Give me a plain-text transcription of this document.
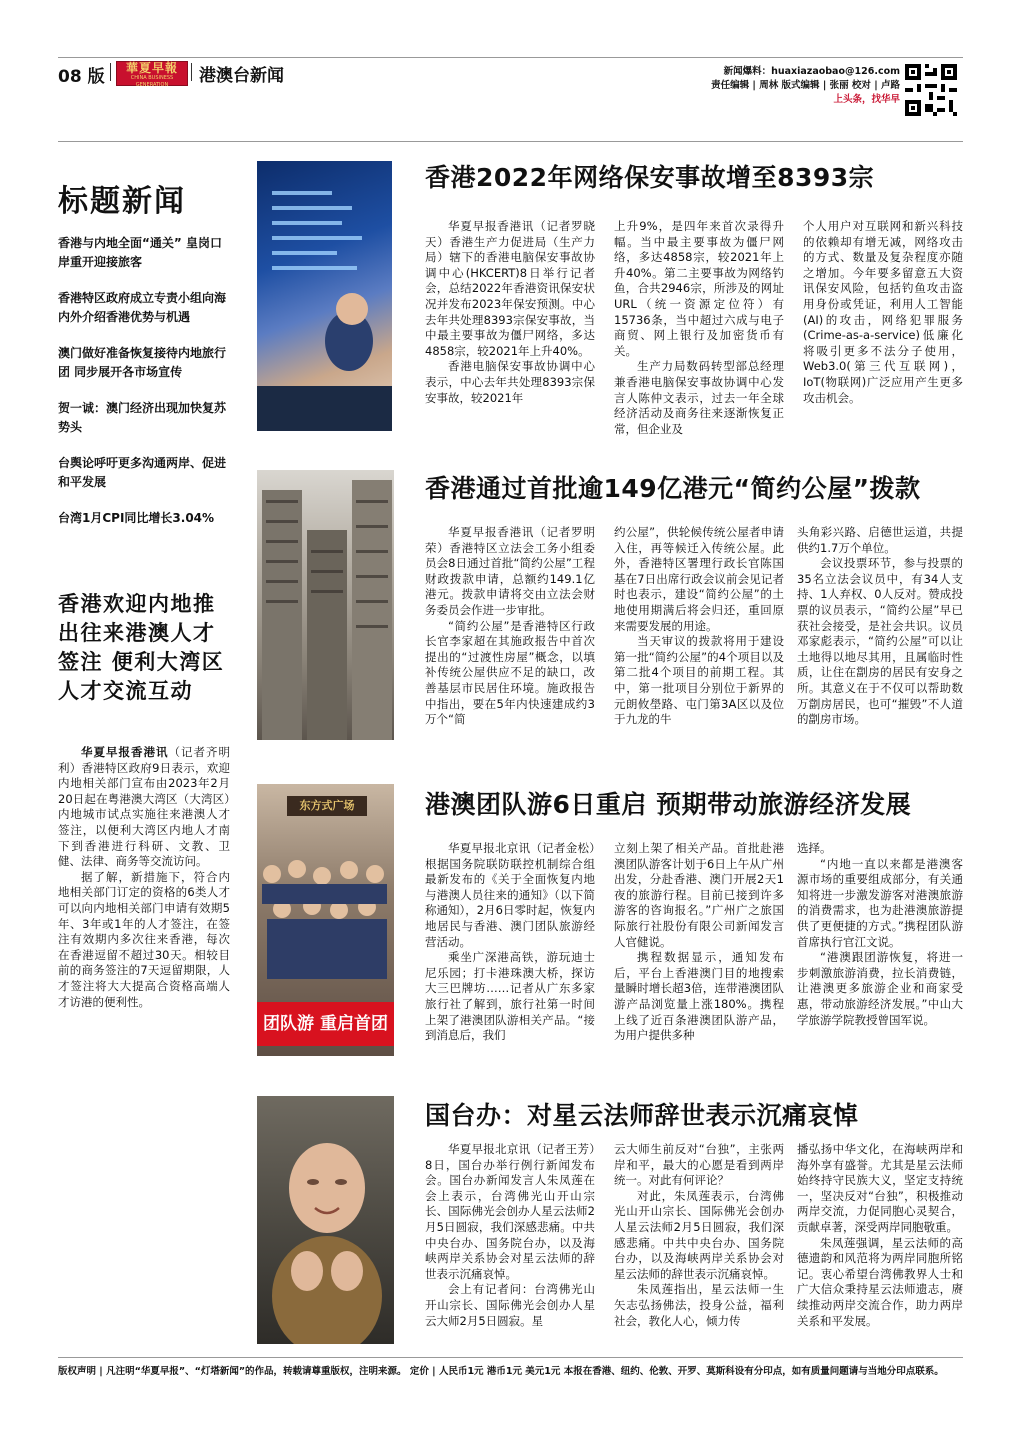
08 版	華夏早報
CHINA BUSINESS GENERATION	港澳台新闻	新闻爆料：huaxiazaobao@126.com
责任编辑 | 周林 版式编辑 | 张丽 校对 | 卢路
上头条，找华早
标题新闻

香港与内地全面“通关” 皇岗口岸重开迎接旅客

香港特区政府成立专责小组向海内外介绍香港优势与机遇

澳门做好准备恢复接待内地旅行团 同步展开各市场宣传

贺一诚：澳门经济出现加快复苏势头

台舆论呼吁更多沟通两岸、促进和平发展

台湾1月CPI同比增长3.04%

香港欢迎内地推出往来港澳人才签注 便利大湾区人才交流互动

华夏早报香港讯（记者齐明利）香港特区政府9日表示，欢迎内地相关部门宣布由2023年2月20日起在粤港澳大湾区（大湾区）内地城市试点实施往来港澳人才签注，以便利大湾区内地人才南下到香港进行科研、文教、卫健、法律、商务等交流访问。

据了解，新措施下，符合内地相关部门订定的资格的6类人才可以向内地相关部门申请有效期5年、3年或1年的人才签注，在签注有效期内多次往来香港，每次在香港逗留不超过30天。相较目前的商务签注的7天逗留期限，人才签注将大大提高合资格高端人才访港的便利性。

香港2022年网络保安事故增至8393宗

华夏早报香港讯（记者罗晓天）香港生产力促进局（生产力局）辖下的香港电脑保安事故协调中心(HKCERT)8日举行记者会，总结2022年香港资讯保安状况并发布2023年保安预测。中心去年共处理8393宗保安事故，当中最主要事故为僵尸网络，多达4858宗，较2021年上升40%。

香港电脑保安事故协调中心表示，中心去年共处理8393宗保安事故，较2021年

上升9%，是四年来首次录得升幅。当中最主要事故为僵尸网络，多达4858宗，较2021年上升40%。第二主要事故为网络钓鱼，合共2946宗，所涉及的网址URL（统一资源定位符）有15736条，当中超过六成与电子商贸、网上银行及加密货币有关。

生产力局数码转型部总经理兼香港电脑保安事故协调中心发言人陈仲文表示，过去一年全球经济活动及商务往来逐渐恢复正常，但企业及

个人用户对互联网和新兴科技的依赖却有增无减，网络攻击的方式、数量及复杂程度亦随之增加。今年要多留意五大资讯保安风险，包括钓鱼攻击盗用身份或凭证，利用人工智能(AI)的攻击，网络犯罪服务(Crime-as-a-service)低廉化将吸引更多不法分子使用，Web3.0(第三代互联网)，IoT(物联网)广泛应用产生更多攻击机会。

香港通过首批逾149亿港元“简约公屋”拨款

华夏早报香港讯（记者罗明荣）香港特区立法会工务小组委员会8日通过首批“简约公屋”工程财政拨款申请，总额约149.1亿港元。拨款申请将交由立法会财务委员会作进一步审批。

“简约公屋”是香港特区行政长官李家超在其施政报告中首次提出的“过渡性房屋”概念，以填补传统公屋供应不足的缺口，改善基层市民居住环境。施政报告中指出，要在5年内快速建成约3万个“简

约公屋”，供轮候传统公屋者申请入住，再等候迁入传统公屋。此外，香港特区署理行政长官陈国基在7日出席行政会议前会见记者时也表示，建设“简约公屋”的土地使用期满后将会归还，重回原来需要发展的用途。

当天审议的拨款将用于建设第一批“简约公屋”的4个项目以及第二批4个项目的前期工程。其中，第一批项目分别位于新界的元朗攸壆路、屯门第3A区以及位于九龙的牛

头角彩兴路、启德世运道，共提供约1.7万个单位。

会议投票环节，参与投票的35名立法会议员中，有34人支持、1人弃权、0人反对。赞成投票的议员表示，“简约公屋”早已获社会接受，是社会共识。议员邓家彪表示，“简约公屋”可以让土地得以地尽其用，且属临时性质，让住在劏房的居民有安身之所。其意义在于不仅可以帮助数万劏房居民，也可“摧毁”不人道的劏房市场。

东方式广场
团队游 重启首团
港澳团队游6日重启 预期带动旅游经济发展

华夏早报北京讯（记者金松）根据国务院联防联控机制综合组最新发布的《关于全面恢复内地与港澳人员往来的通知》（以下简称通知），2月6日零时起，恢复内地居民与香港、澳门团队旅游经营活动。

乘坐广深港高铁，游玩迪士尼乐园；打卡港珠澳大桥，探访大三巴牌坊……记者从广东多家旅行社了解到，旅行社第一时间上架了港澳团队游相关产品。“接到消息后，我们

立刻上架了相关产品。首批赴港澳团队游客计划于6日上午从广州出发，分赴香港、澳门开展2天1夜的旅游行程。目前已接到许多游客的咨询报名。”广州广之旅国际旅行社股份有限公司新闻发言人官健说。

携程数据显示，通知发布后，平台上香港澳门目的地搜索量瞬时增长超3倍，连带港澳团队游产品浏览量上涨180%。携程上线了近百条港澳团队游产品，为用户提供多种

选择。

“内地一直以来都是港澳客源市场的重要组成部分，有关通知将进一步激发游客对港澳旅游的消费需求，也为赴港澳旅游提供了更便捷的方式。”携程团队游首席执行官江文说。

“港澳跟团游恢复，将进一步刺激旅游消费，拉长消费链，让港澳更多旅游企业和商家受惠，带动旅游经济发展。”中山大学旅游学院教授曾国军说。

国台办：对星云法师辞世表示沉痛哀悼

华夏早报北京讯（记者王芳）8日，国台办举行例行新闻发布会。国台办新闻发言人朱凤莲在会上表示，台湾佛光山开山宗长、国际佛光会创办人星云法师2月5日圆寂，我们深感悲痛。中共中央台办、国务院台办，以及海峡两岸关系协会对星云法师的辞世表示沉痛哀悼。

会上有记者问：台湾佛光山开山宗长、国际佛光会创办人星云大师2月5日圆寂。星

云大师生前反对“台独”，主张两岸和平，最大的心愿是看到两岸统一。对此有何评论？

对此，朱凤莲表示，台湾佛光山开山宗长、国际佛光会创办人星云法师2月5日圆寂，我们深感悲痛。中共中央台办、国务院台办，以及海峡两岸关系协会对星云法师的辞世表示沉痛哀悼。

朱凤莲指出，星云法师一生矢志弘扬佛法，投身公益，福利社会，教化人心，倾力传

播弘扬中华文化，在海峡两岸和海外享有盛誉。尤其是星云法师始终持守民族大义，坚定支持统一，坚决反对“台独”，积极推动两岸交流，力促同胞心灵契合，贡献卓著，深受两岸同胞敬重。

朱凤莲强调，星云法师的高德遗韵和风范将为两岸同胞所铭记。衷心希望台湾佛教界人士和广大信众秉持星云法师遗志，赓续推动两岸交流合作，助力两岸关系和平发展。

版权声明 | 凡注明“华夏早报”、“灯塔新闻”的作品，转载请尊重版权，注明来源。 定价 | 人民币1元 港币1元 美元1元 本报在香港、纽约、伦敦、开罗、莫斯科设有分印点，如有质量问题请与当地分印点联系。
